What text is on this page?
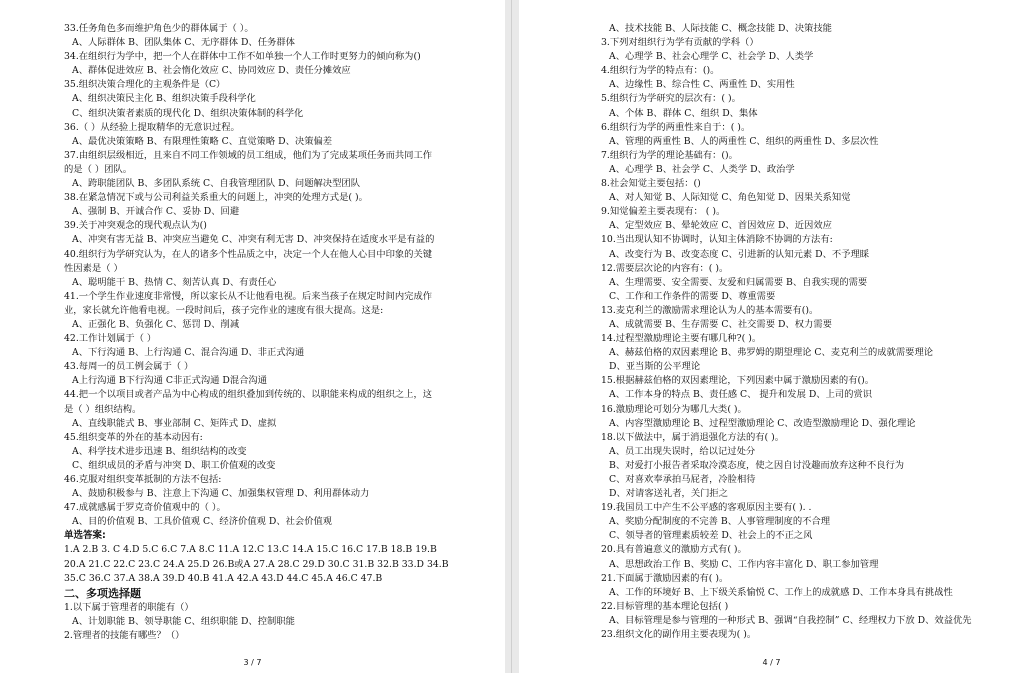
33.任务角色多而维护角色少的群体属于（ ）。
A、人际群体 B、团队集体 C、无序群体 D、任务群体
34.在组织行为学中，把一个人在群体中工作不如单独一个人工作时更努力的倾向称为()
A、群体促进效应 B、社会惰化效应 C、协同效应 D、责任分摊效应
35.组织决策合理化的主观条件是（C）
A、组织决策民主化 B、组织决策手段科学化
C、组织决策者素质的现代化 D、组织决策体制的科学化
36.（ ）从经验上提取精华的无意识过程。
A、最优决策策略 B、有限理性策略 C、直觉策略 D、决策偏差
37.由组织层级相近，且来自不同工作领域的员工组成，他们为了完成某项任务而共同工作
的是（ ）团队。
A、跨职能团队 B、多团队系统 C、自我管理团队 D、问题解决型团队
38.在紧急情况下或与公司利益关系重大的问题上，冲突的处理方式是( )。
A、强制 B、开诚合作 C、妥协 D、回避
39.关于冲突观念的现代观点认为()
A、冲突有害无益 B、冲突应当避免 C、冲突有利无害 D、冲突保持在适度水平是有益的
40.组织行为学研究认为，在人的诸多个性品质之中，决定一个人在他人心目中印象的关键
性因素是（ ）
A、聪明能干 B、热情 C、刻苦认真 D、有责任心
41.一个学生作业速度非常慢，所以家长从不让他看电视。后来当孩子在规定时间内完成作
业，家长就允许他看电视。一段时间后，孩子完作业的速度有很大提高。这是:
A、正强化 B、负强化 C、惩罚 D、削减
42.工作计划属于（ ）
A、下行沟通 B、上行沟通 C、混合沟通 D、非正式沟通
43.每周一的员工例会属于（ ）
A上行沟通 B下行沟通 C非正式沟通 D混合沟通
44.把一个以项目或者产品为中心构成的组织叠加到传统的、以职能来构成的组织之上，这
是（ ）组织结构。
A、直线职能式 B、事业部制 C、矩阵式 D、虚拟
45.组织变革的外在的基本动因有:
A、科学技术进步迅速 B、组织结构的改变
C、组织成员的矛盾与冲突 D、职工价值观的改变
46.克服对组织变革抵制的方法不包括:
A、鼓励积极参与 B、注意上下沟通 C、加强集权管理 D、利用群体动力
47.成就感属于罗克奇价值观中的（ ）。
A、目的价值观 B、工具价值观 C、经济价值观 D、社会价值观
单选答案:
1.A 2.B 3. C 4.D 5.C 6.C 7.A 8.C 11.A 12.C 13.C 14.A 15.C 16.C 17.B 18.B 19.B
20.A 21.C 22.C 23.C 24.A 25.D 26.B或A 27.A 28.C 29.D 30.C 31.B 32.B 33.D 34.B
35.C 36.C 37.A 38.A 39.D 40.B 41.A 42.A 43.D 44.C 45.A 46.C 47.B
二、多项选择题
1.以下属于管理者的职能有（）
A、计划职能 B、领导职能 C、组织职能 D、控制职能
2.管理者的技能有哪些？（）
3 / 7
A、技术技能 B、人际技能 C、概念技能 D、决策技能
3.下列对组织行为学有贡献的学科（）
A、心理学 B、社会心理学 C、社会学 D、人类学
4.组织行为学的特点有：()。
A、边缘性 B、综合性 C、两重性 D、实用性
5.组织行为学研究的层次有：( )。
A、个体 B、群体 C、组织 D、集体
6.组织行为学的两重性来自于：( )。
A、管理的两重性 B、人的两重性 C、组织的两重性 D、多层次性
7.组织行为学的理论基础有：()。
A、心理学 B、社会学 C、人类学 D、政治学
8.社会知觉主要包括：()
A、对人知觉 B、人际知觉 C、角色知觉 D、因果关系知觉
9.知觉偏差主要表现有： ( )。
A、定型效应 B、晕轮效应 C、首因效应 D、近因效应
10.当出现认知不协调时，认知主体消除不协调的方法有:
A、改变行为 B、改变态度 C、引进新的认知元素 D、不予理睬
12.需要层次论的内容有：( )。
A、生理需要、安全需要、友爱和归属需要 B、自我实现的需要
C、工作和工作条件的需要 D、尊重需要
13.麦克利兰的激励需求理论认为人的基本需要有()。
A、成就需要 B、生存需要 C、社交需要 D、权力需要
14.过程型激励理论主要有哪几种?( )。
A、赫兹伯格的双因素理论 B、弗罗姆的期望理论 C、麦克利兰的成就需要理论
D、亚当斯的公平理论
15.根据赫兹伯格的双因素理论，下列因素中属于激励因素的有()。
A、工作本身的特点 B、责任感 C、 提升和发展 D、上司的赏识
16.激励理论可划分为哪几大类( )。
A、内容型激励理论 B、过程型激励理论 C、改造型激励理论 D、强化理论
18.以下做法中，属于消退强化方法的有( )。
A、员工出现失误时，给以记过处分
B、对爱打小报告者采取冷漠态度，使之因自讨没趣而放弃这种不良行为
C、对喜欢奉承拍马屁者，冷脸相待
D、对请客送礼者，关门拒之
19.我国员工中产生不公平感的客观原因主要有( ). .
A、奖励分配制度的不完善 B、人事管理制度的不合理
C、领导者的管理素质较差 D、社会上的不正之风
20.具有普遍意义的激励方式有( )。
A、思想政治工作 B、奖励 C、工作内容丰富化 D、职工参加管理
21.下面属于激励因素的有( )。
A、工作的环境好 B、上下级关系愉悦 C、工作上的成就感 D、工作本身具有挑战性
22.目标管理的基本理论包括( )
A、目标管理是参与管理的一种形式 B、强调“自我控制” C、经理权力下放 D、效益优先
23.组织文化的副作用主要表现为( )。
4 / 7
